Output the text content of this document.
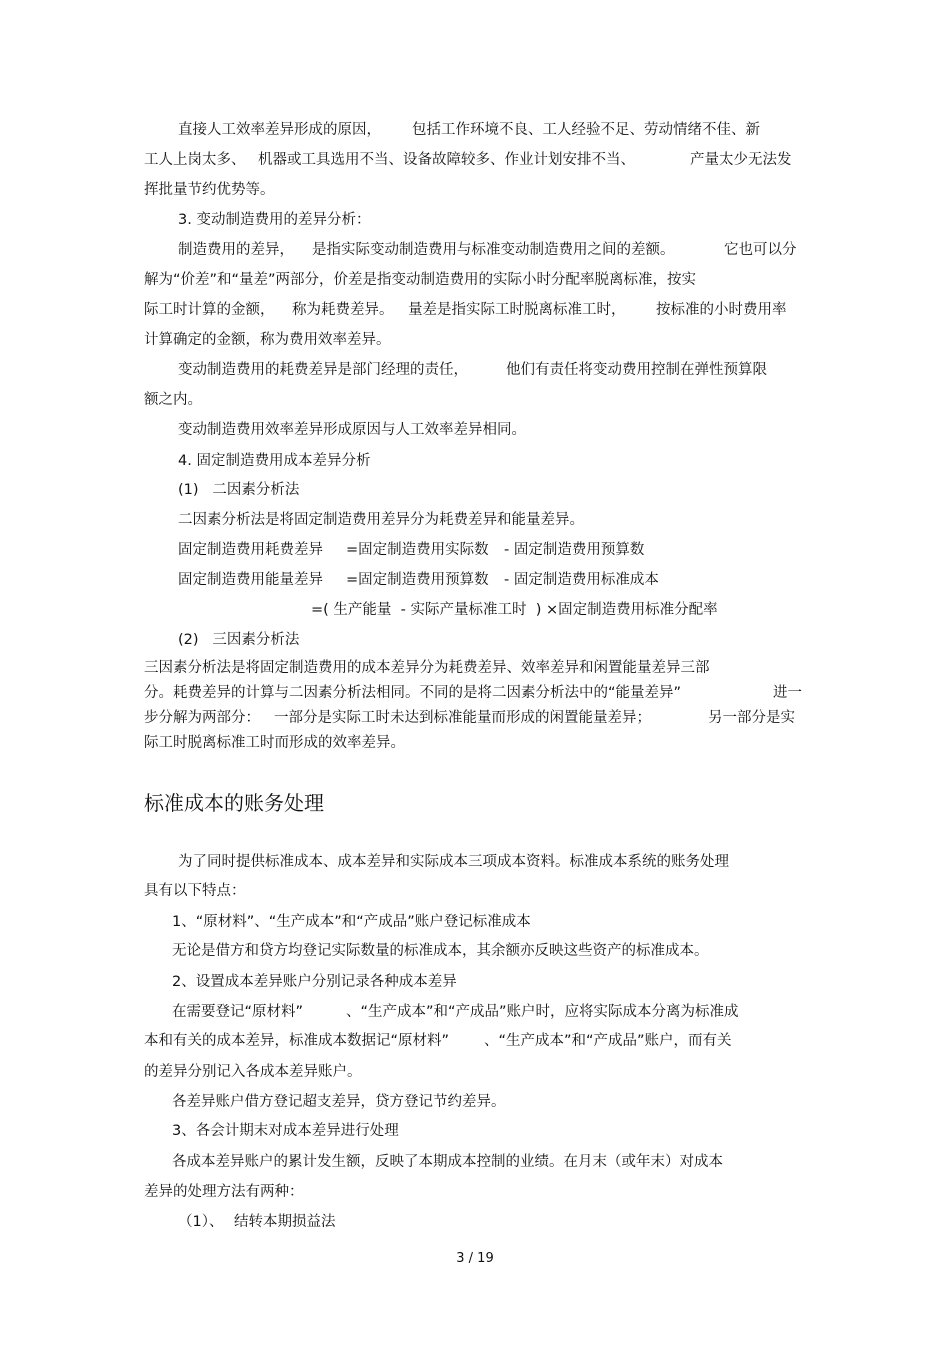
直接人工效率差异形成的原因， 包括工作环境不良、工人经验不足、劳动情绪不佳、新
工人上岗太多、 机器或工具选用不当、设备故障较多、作业计划安排不当、	产量太少无法发
挥批量节约优势等。
3. 变动制造费用的差异分析：
制造费用的差异， 是指实际变动制造费用与标准变动制造费用之间的差额。	它也可以分
解为“价差”和“量差”两部分，价差是指变动制造费用的实际小时分配率脱离标准，按实
际工时计算的金额， 称为耗费差异。 量差是指实际工时脱离标准工时， 按标准的小时费用率
计算确定的金额，称为费用效率差异。
变动制造费用的耗费差异是部门经理的责任，	他们有责任将变动费用控制在弹性预算限
额之内。
变动制造费用效率差异形成原因与人工效率差异相同。
4. 固定制造费用成本差异分析
(1)   二因素分析法
二因素分析法是将固定制造费用差异分为耗费差异和能量差异。
固定制造费用耗费差异 =固定制造费用实际数 - 固定制造费用预算数
固定制造费用能量差异 =固定制造费用预算数 - 固定制造费用标准成本
=( 生产能量  - 实际产量标准工时  ) ×固定制造费用标准分配率
(2)   三因素分析法
三因素分析法是将固定制造费用的成本差异分为耗费差异、效率差异和闲置能量差异三部
分。耗费差异的计算与二因素分析法相同。不同的是将二因素分析法中的“能量差异”	进一
步分解为两部分： 一部分是实际工时未达到标准能量而形成的闲置能量差异；	另一部分是实
际工时脱离标准工时而形成的效率差异。
为了同时提供标准成本、成本差异和实际成本三项成本资料。标准成本系统的账务处理
具有以下特点：
1、“原材料”、“生产成本”和“产成品”账户登记标准成本
无论是借方和贷方均登记实际数量的标准成本，其余额亦反映这些资产的标准成本。
2、设置成本差异账户分别记录各种成本差异
在需要登记“原材料”	、“生产成本”和“产成品”账户时，应将实际成本分离为标准成
本和有关的成本差异，标准成本数据记“原材料” 、“生产成本”和“产成品”账户，而有关
的差异分别记入各成本差异账户。
各差异账户借方登记超支差异，贷方登记节约差异。
3、各会计期末对成本差异进行处理
各成本差异账户的累计发生额，反映了本期成本控制的业绩。在月末（或年末）对成本
差异的处理方法有两种：
（1）、 结转本期损益法
标准成本的账务处理
3 / 19
